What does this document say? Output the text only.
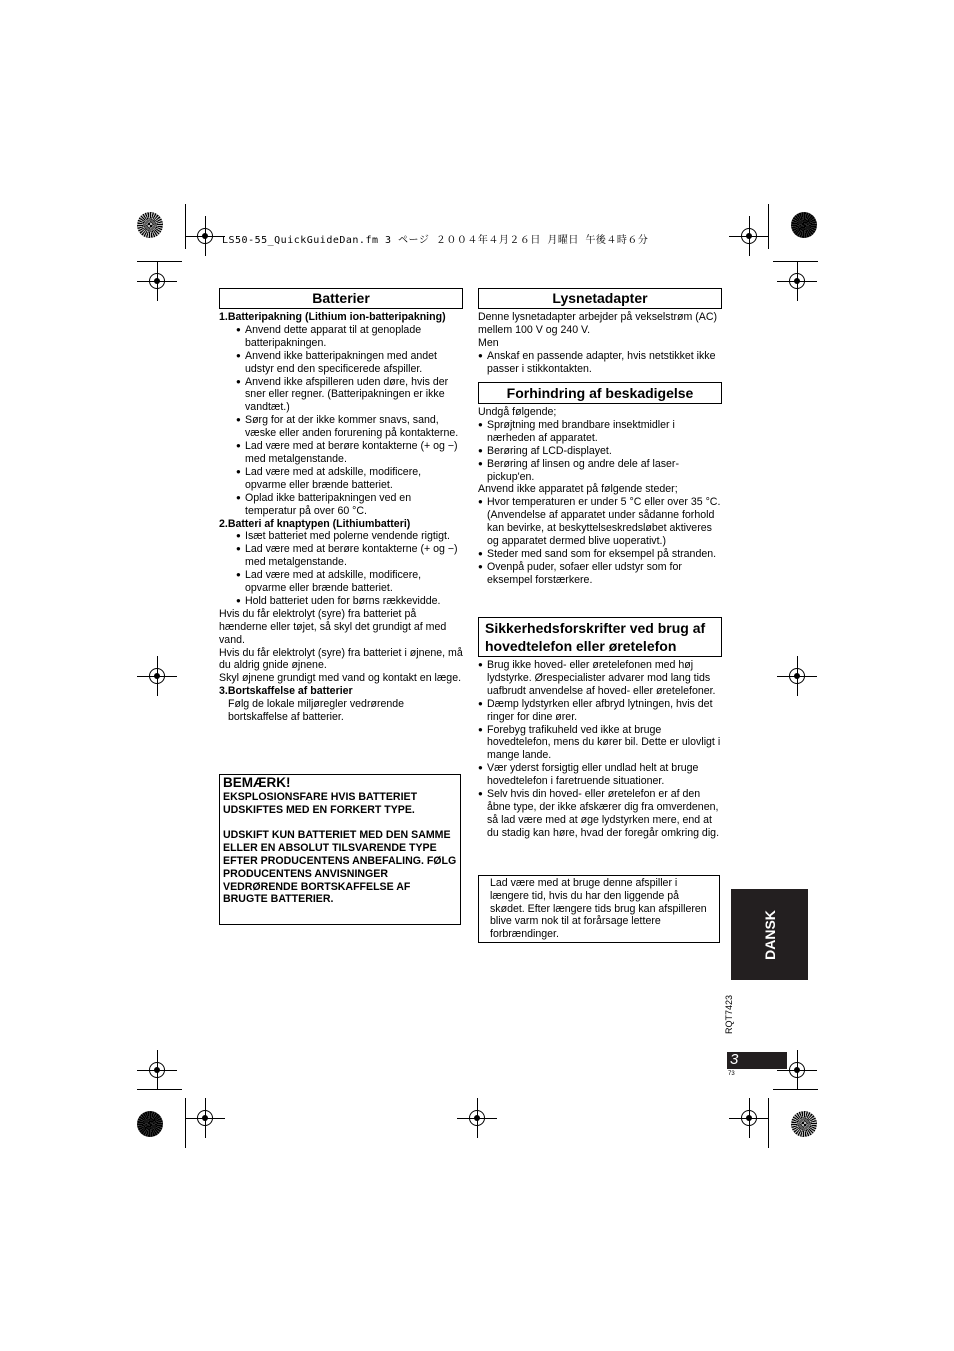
LS50-55_QuickGuideDan.fm 3 ページ ２００４年４月２６日 月曜日 午後４時６分
Batterier

1.Batteripakning (Lithium ion-batteripakning)

● Anvend dette apparat til at genoplade batteripakningen.

● Anvend ikke batteripakningen med andet udstyr end den specificerede afspiller.

● Anvend ikke afspilleren uden døre, hvis der sner eller regner. (Batteripakningen er ikke vandtæt.)

● Sørg for at der ikke kommer snavs, sand, væske eller anden forurening på kontakterne.

● Lad være med at berøre kontakterne (+ og −) med metalgenstande.

● Lad være med at adskille, modificere, opvarme eller brænde batteriet.

● Oplad ikke batteripakningen ved en temperatur på over 60 °C.

2.Batteri af knaptypen (Lithiumbatteri)

● Isæt batteriet med polerne vendende rigtigt.

● Lad være med at berøre kontakterne (+ og −) med metalgenstande.

● Lad være med at adskille, modificere, opvarme eller brænde batteriet.

● Hold batteriet uden for børns rækkevidde.

Hvis du får elektrolyt (syre) fra batteriet på hænderne eller tøjet, så skyl det grundigt af med vand.

Hvis du får elektrolyt (syre) fra batteriet i øjnene, må du aldrig gnide øjnene.

Skyl øjnene grundigt med vand og kontakt en læge.

3.Bortskaffelse af batterier

Følg de lokale miljøregler vedrørende bortskaffelse af batterier.

BEMÆRK!
EKSPLOSIONSFARE HVIS BATTERIET UDSKIFTES MED EN FORKERT TYPE.
UDSKIFT KUN BATTERIET MED DEN SAMME ELLER EN ABSOLUT TILSVARENDE TYPE EFTER PRODUCENTENS ANBEFALING. FØLG PRODUCENTENS ANVISNINGER VEDRØRENDE BORTSKAFFELSE AF BRUGTE BATTERIER.
Lysnetadapter

Denne lysnetadapter arbejder på vekselstrøm (AC) mellem 100 V og 240 V.

Men

● Anskaf en passende adapter, hvis netstikket ikke passer i stikkontakten.

Forhindring af beskadigelse

Undgå følgende;

● Sprøjtning med brandbare insektmidler i nærheden af apparatet.

● Berøring af LCD-displayet.

● Berøring af linsen og andre dele af laser-pickup'en.

Anvend ikke apparatet på følgende steder;

● Hvor temperaturen er under 5 °C eller over 35 °C. (Anvendelse af apparatet under sådanne forhold kan bevirke, at beskyttelseskredsløbet aktiveres og apparatet dermed blive uoperativt.)

● Steder med sand som for eksempel på stranden.

● Ovenpå puder, sofaer eller udstyr som for eksempel forstærkere.

Sikkerhedsforskrifter ved brug af hovedtelefon eller øretelefon

● Brug ikke hoved- eller øretelefonen med høj lydstyrke. Ørespecialister advarer mod lang tids uafbrudt anvendelse af hoved- eller øretelefoner.

● Dæmp lydstyrken eller afbryd lytningen, hvis det ringer for dine ører.

● Forebyg trafikuheld ved ikke at bruge hovedtelefon, mens du kører bil. Dette er ulovligt i mange lande.

● Vær yderst forsigtig eller undlad helt at bruge hovedtelefon i faretruende situationer.

● Selv hvis din hoved- eller øretelefon er af den åbne type, der ikke afskærer dig fra omverdenen, så lad være med at øge lydstyrken mere, end at du stadig kan høre, hvad der foregår omkring dig.

Lad være med at bruge denne afspiller i længere tid, hvis du har den liggende på skødet. Efter længere tids brug kan afspilleren blive varm nok til at forårsage lettere forbrændinger.	DANSK
RQT7423
3
73
